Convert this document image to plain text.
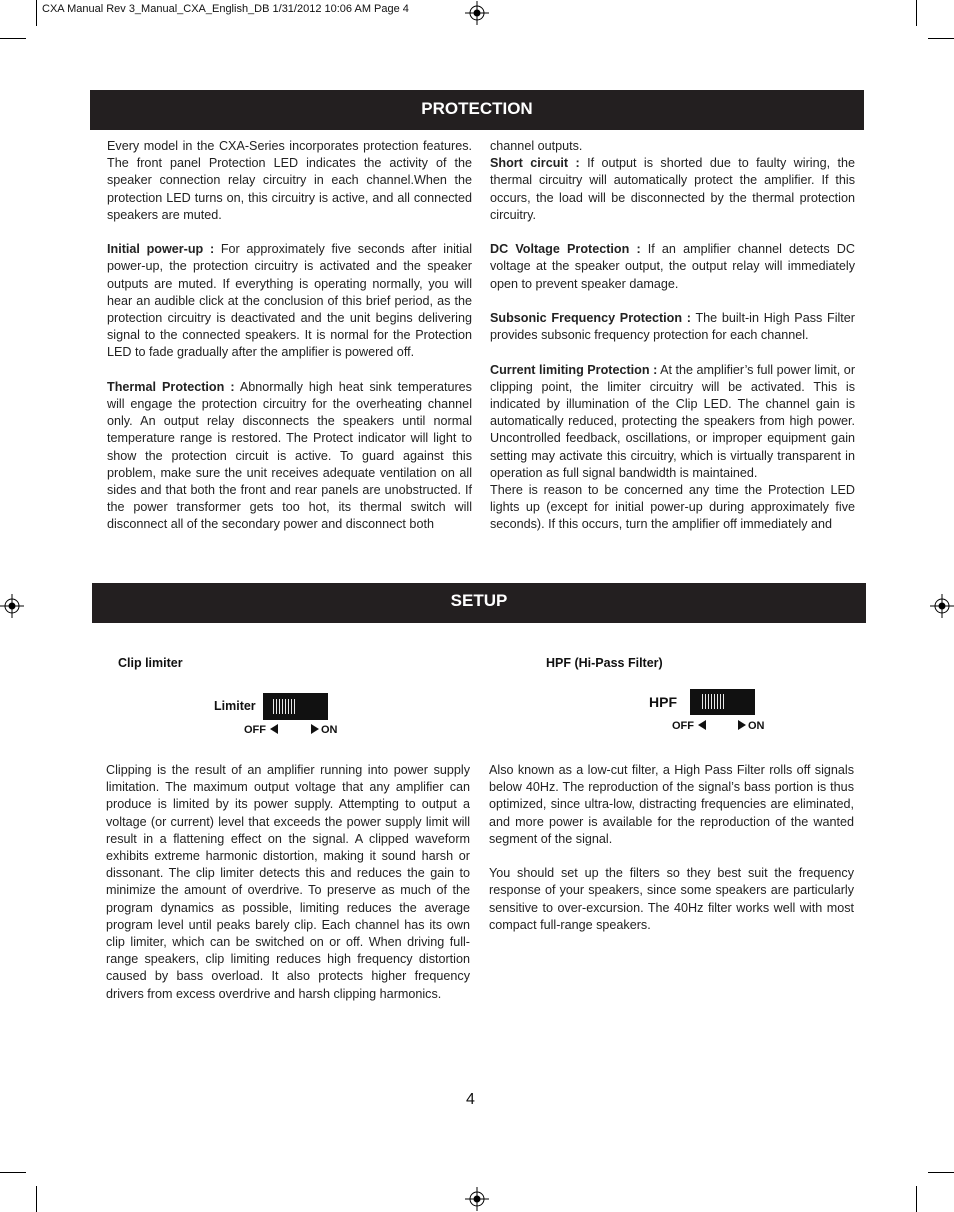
CXA Manual Rev 3_Manual_CXA_English_DB 1/31/2012 10:06 AM Page 4
PROTECTION

Every model in the CXA-Series incorporates protection features. The front panel Protection LED indicates the activity of the speaker connection relay circuitry in each channel.When the protection LED turns on, this circuitry is active, and all connected speakers are muted.

Initial power-up : For approximately five seconds after initial power-up, the protection circuitry is activated and the speaker outputs are muted. If everything is operating normally, you will hear an audible click at the conclusion of this brief period, as the protection circuitry is deactivated and the unit begins delivering signal to the connected speakers. It is normal for the Protection LED to fade gradually after the amplifier is powered off.

Thermal Protection : Abnormally high heat sink temperatures will engage the protection circuitry for the overheating channel only. An output relay disconnects the speakers until normal temperature range is restored. The Protect indicator will light to show the protection circuit is active. To guard against this problem, make sure the unit receives adequate ventilation on all sides and that both the front and rear panels are unobstructed. If the power transformer gets too hot, its thermal switch will disconnect all of the secondary power and disconnect both

channel outputs.

Short circuit : If output is shorted due to faulty wiring, the thermal circuitry will automatically protect the amplifier. If this occurs, the load will be disconnected by the thermal protection circuitry.

DC Voltage Protection : If an amplifier channel detects DC voltage at the speaker output, the output relay will immediately open to prevent speaker damage.

Subsonic Frequency Protection : The built-in High Pass Filter provides subsonic frequency protection for each channel.

Current limiting Protection : At the amplifier’s full power limit, or clipping point, the limiter circuitry will be activated. This is indicated by illumination of the Clip LED. The channel gain is automatically reduced, protecting the speakers from high power. Uncontrolled feedback, oscillations, or improper equipment gain setting may activate this circuitry, which is virtually transparent in operation as full signal bandwidth is maintained.

There is reason to be concerned any time the Protection LED lights up (except for initial power-up during approximately five seconds). If this occurs, turn the amplifier off immediately and

SETUP
Clip limiter
Limiter
OFF	ON
HPF (Hi-Pass Filter)
HPF
OFF	ON

Clipping is the result of an amplifier running into power supply limitation. The maximum output voltage that any amplifier can produce is limited by its power supply. Attempting to output a voltage (or current) level that exceeds the power supply limit will result in a flattening effect on the signal. A clipped waveform exhibits extreme harmonic distortion, making it sound harsh or dissonant. The clip limiter detects this and reduces the gain to minimize the amount of overdrive. To preserve as much of the program dynamics as possible, limiting reduces the average program level until peaks barely clip. Each channel has its own clip limiter, which can be switched on or off. When driving full-range speakers, clip limiting reduces high frequency distortion caused by bass overload. It also protects higher frequency drivers from excess overdrive and harsh clipping harmonics.

Also known as a low-cut filter, a High Pass Filter rolls off signals below 40Hz. The reproduction of the signal’s bass portion is thus optimized, since ultra-low, distracting frequencies are eliminated, and more power is available for the reproduction of the wanted segment of the signal.

You should set up the filters so they best suit the frequency response of your speakers, since some speakers are particularly sensitive to over-excursion. The 40Hz filter works well with most compact full-range speakers.

4
